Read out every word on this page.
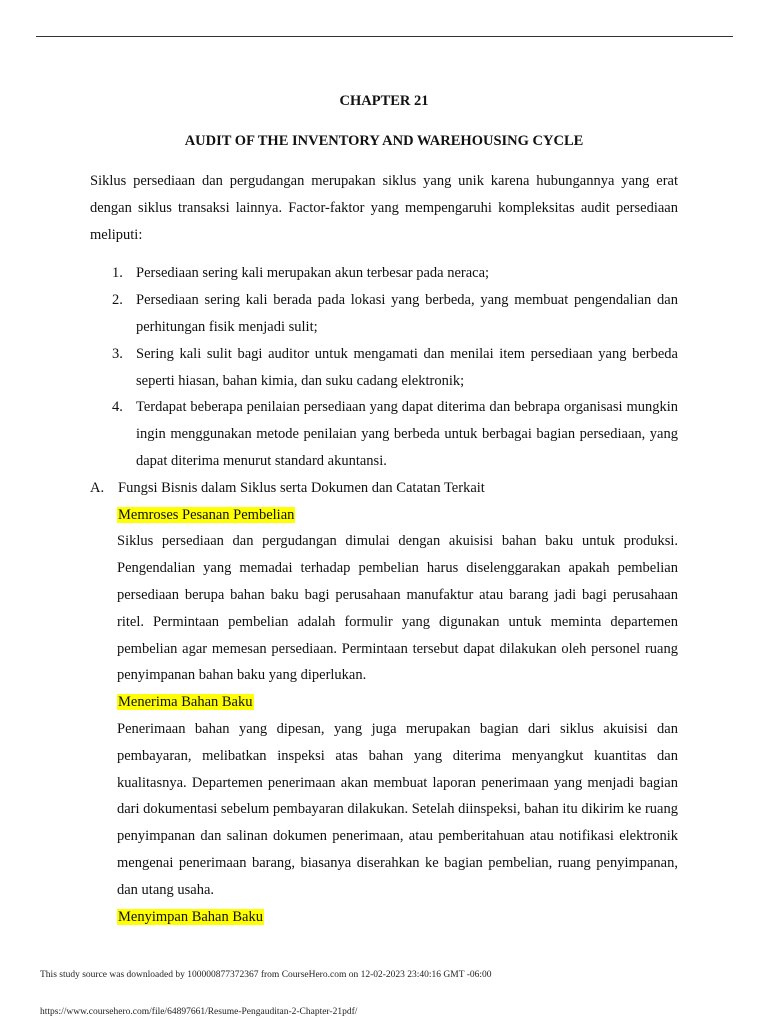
CHAPTER 21
AUDIT OF THE INVENTORY AND WAREHOUSING CYCLE

Siklus persediaan dan pergudangan merupakan siklus yang unik karena hubungannya yang erat dengan siklus transaksi lainnya. Factor-faktor yang mempengaruhi kompleksitas audit persediaan meliputi:

1. Persediaan sering kali merupakan akun terbesar pada neraca;
2. Persediaan sering kali berada pada lokasi yang berbeda, yang membuat pengendalian dan perhitungan fisik menjadi sulit;
3. Sering kali sulit bagi auditor untuk mengamati dan menilai item persediaan yang berbeda seperti hiasan, bahan kimia, dan suku cadang elektronik;
4. Terdapat beberapa penilaian persediaan yang dapat diterima dan bebrapa organisasi mungkin ingin menggunakan metode penilaian yang berbeda untuk berbagai bagian persediaan, yang dapat diterima menurut standard akuntansi.
A. Fungsi Bisnis dalam Siklus serta Dokumen dan Catatan Terkait
Memroses Pesanan Pembelian

Siklus persediaan dan pergudangan dimulai dengan akuisisi bahan baku untuk produksi. Pengendalian yang memadai terhadap pembelian harus diselenggarakan apakah pembelian persediaan berupa bahan baku bagi perusahaan manufaktur atau barang jadi bagi perusahaan ritel. Permintaan pembelian adalah formulir yang digunakan untuk meminta departemen pembelian agar memesan persediaan. Permintaan tersebut dapat dilakukan oleh personel ruang penyimpanan bahan baku yang diperlukan.

Menerima Bahan Baku

Penerimaan bahan yang dipesan, yang juga merupakan bagian dari siklus akuisisi dan pembayaran, melibatkan inspeksi atas bahan yang diterima menyangkut kuantitas dan kualitasnya. Departemen penerimaan akan membuat laporan penerimaan yang menjadi bagian dari dokumentasi sebelum pembayaran dilakukan. Setelah diinspeksi, bahan itu dikirim ke ruang penyimpanan dan salinan dokumen penerimaan, atau pemberitahuan atau notifikasi elektronik mengenai penerimaan barang, biasanya diserahkan ke bagian pembelian, ruang penyimpanan, dan utang usaha.

Menyimpan Bahan Baku
This study source was downloaded by 100000877372367 from CourseHero.com on 12-02-2023 23:40:16 GMT -06:00
https://www.coursehero.com/file/64897661/Resume-Pengauditan-2-Chapter-21pdf/
